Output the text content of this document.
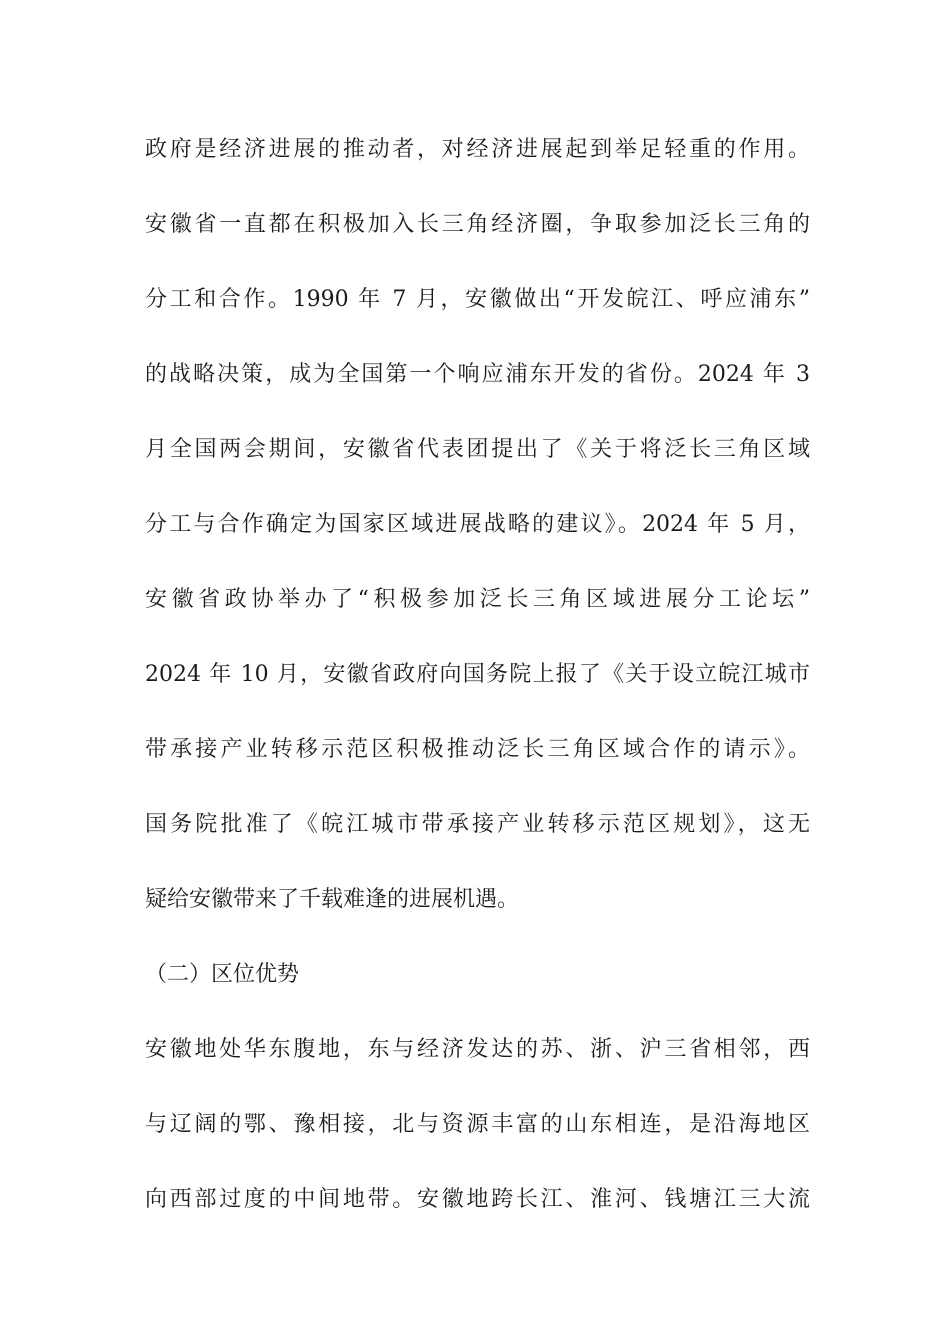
政府是经济进展的推动者，对经济进展起到举足轻重的作用。
安徽省一直都在积极加入长三角经济圈，争取参加泛长三角的
分工和合作。1990 年 7 月，安徽做出“开发皖江、呼应浦东”
的战略决策，成为全国第一个响应浦东开发的省份。2024 年 3
月全国两会期间，安徽省代表团提出了《关于将泛长三角区域
分工与合作确定为国家区域进展战略的建议》。2024 年 5 月，
安徽省政协举办了“积极参加泛长三角区域进展分工论坛”
2024 年 10 月，安徽省政府向国务院上报了《关于设立皖江城市
带承接产业转移示范区积极推动泛长三角区域合作的请示》。
国务院批准了《皖江城市带承接产业转移示范区规划》，这无
疑给安徽带来了千载难逢的进展机遇。
（二）区位优势
安徽地处华东腹地，东与经济发达的苏、浙、沪三省相邻，西
与辽阔的鄂、豫相接，北与资源丰富的山东相连，是沿海地区
向西部过度的中间地带。安徽地跨长江、淮河、钱塘江三大流
